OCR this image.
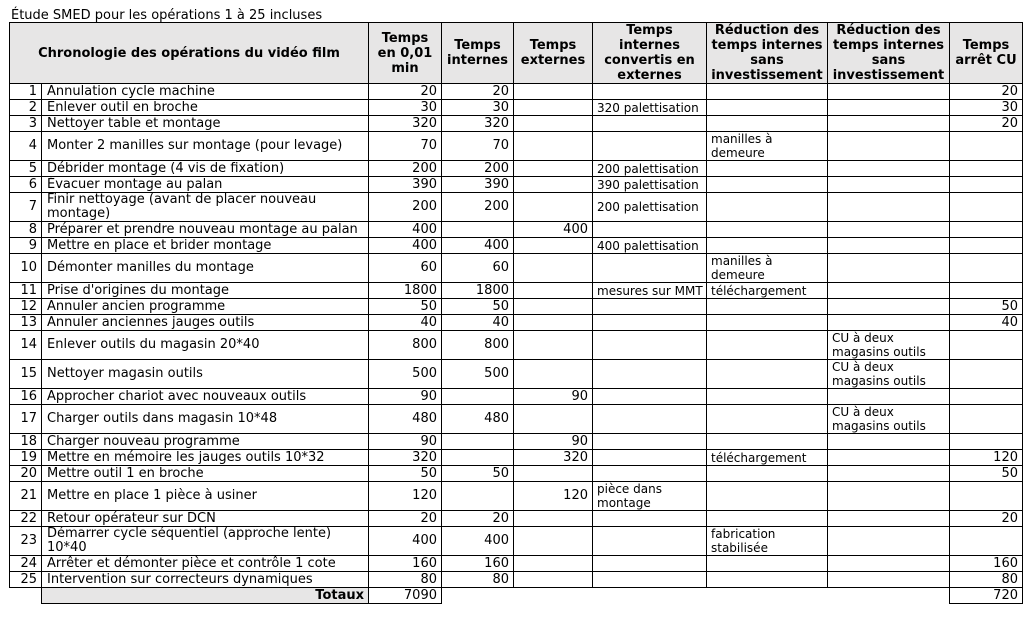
Étude SMED pour les opérations 1 à 25 incluses
Chronologie des opérations du vidéo film		Temps en 0,01 min	Temps internes	Temps externes	Temps internes convertis en externes	Réduction des temps internes sans investissement	Réduction des temps internes sans investissement	Temps arrêt CU
1	Annulation cycle machine	20	20					20
2	Enlever outil en broche	30	30		320 palettisation			30
3	Nettoyer table et montage	320	320					20
4	Monter 2 manilles sur montage (pour levage)	70	70			manilles à demeure		
5	Débrider montage (4 vis de fixation)	200	200		200 palettisation			
6	Évacuer montage au palan	390	390		390 palettisation			
7	Finir nettoyage (avant de placer nouveau montage)	200	200		200 palettisation			
8	Préparer et prendre nouveau montage au palan	400		400				
9	Mettre en place et brider montage	400	400		400 palettisation			
10	Démonter manilles du montage	60	60			manilles à demeure		
11	Prise d'origines du montage	1800	1800		mesures sur MMT	téléchargement		
12	Annuler ancien programme	50	50					50
13	Annuler anciennes jauges outils	40	40					40
14	Enlever outils du magasin 20*40	800	800				CU à deux magasins outils	
15	Nettoyer magasin outils	500	500				CU à deux magasins outils	
16	Approcher chariot avec nouveaux outils	90		90				
17	Charger outils dans magasin 10*48	480	480				CU à deux magasins outils	
18	Charger nouveau programme	90		90				
19	Mettre en mémoire les jauges outils 10*32	320		320		téléchargement		120
20	Mettre outil 1 en broche	50	50					50
21	Mettre en place 1 pièce à usiner	120		120	pièce dans montage			
22	Retour opérateur sur DCN	20	20					20
23	Démarrer cycle séquentiel (approche lente) 10*40	400	400			fabrication stabilisée		
24	Arrêter et démonter pièce et contrôle 1 cote	160	160					160
25	Intervention sur correcteurs dynamiques	80	80					80
	Totaux	7090						720
